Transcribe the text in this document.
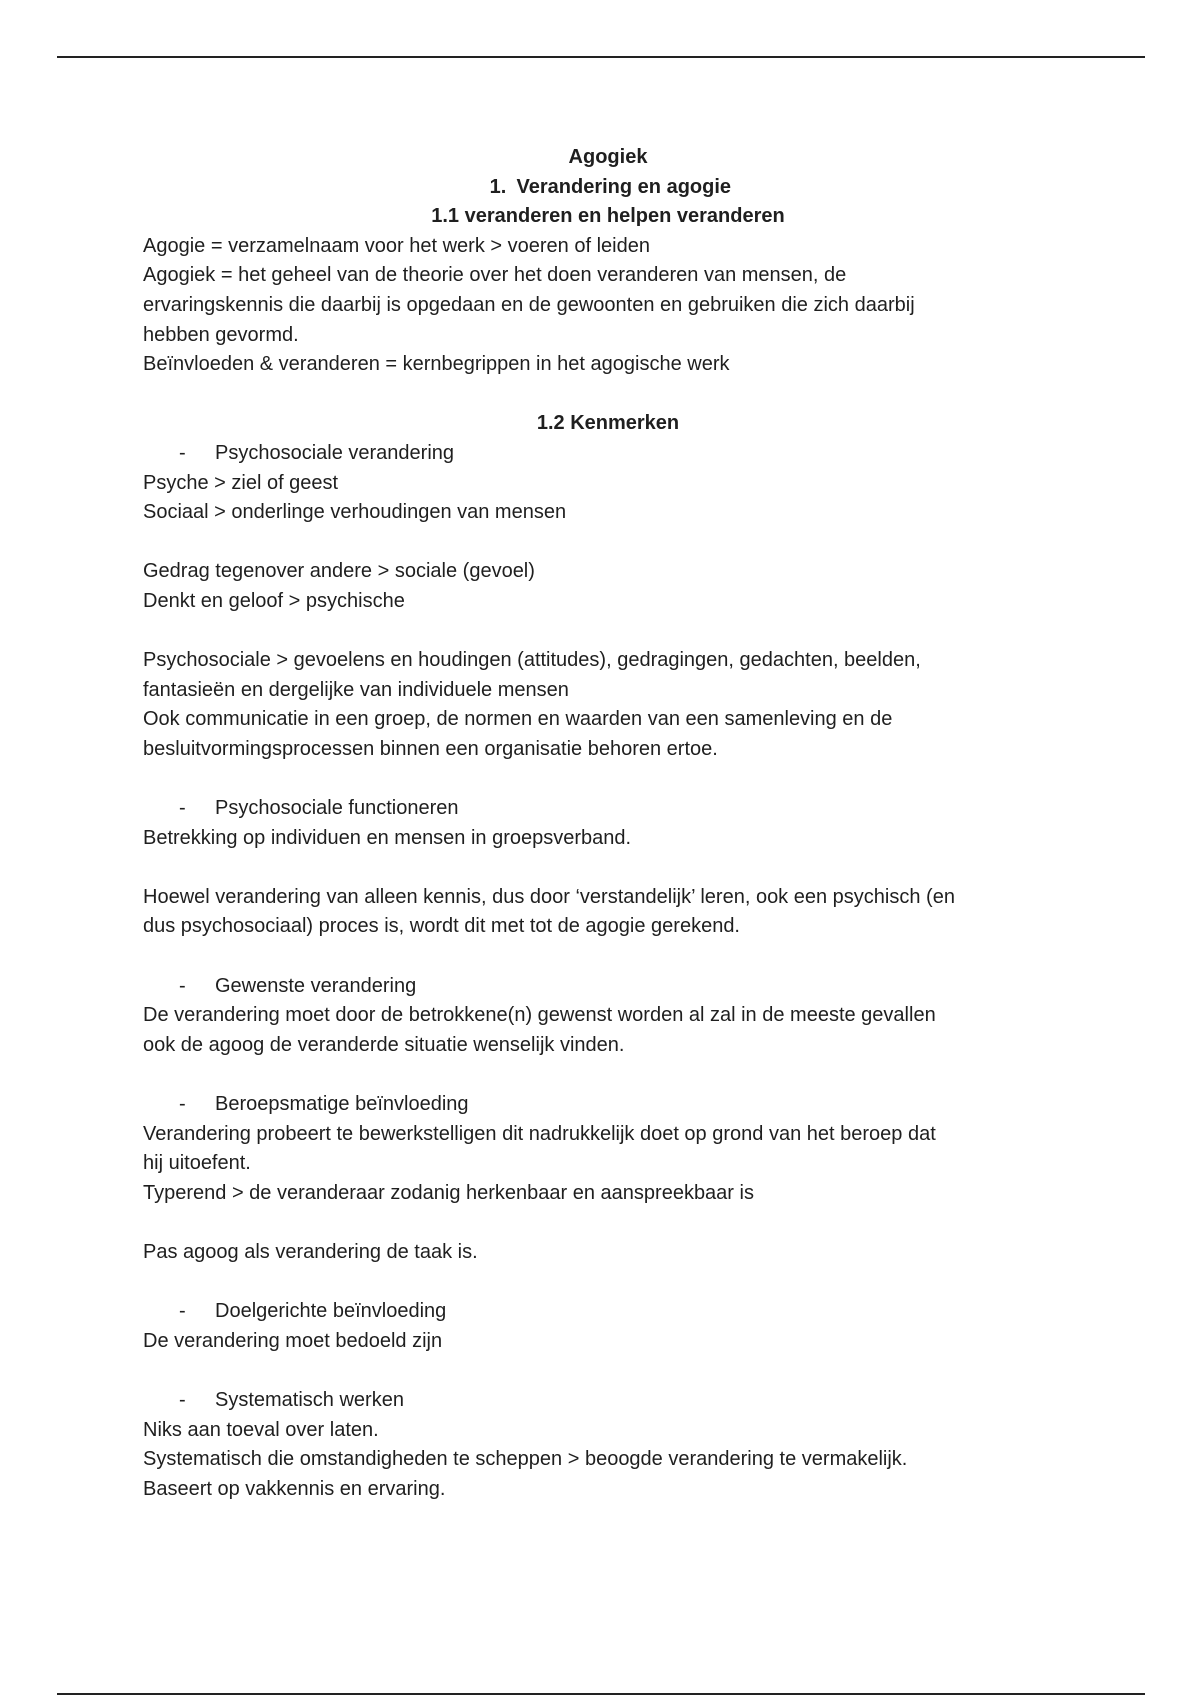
Agogiek

1. Verandering en agogie

1.1 veranderen en helpen veranderen

Agogie = verzamelnaam voor het werk > voeren of leiden

Agogiek = het geheel van de theorie over het doen veranderen van mensen, de

ervaringskennis die daarbij is opgedaan en de gewoonten en gebruiken die zich daarbij

hebben gevormd.

Beïnvloeden & veranderen = kernbegrippen in het agogische werk

1.2 Kenmerken

- Psychosociale verandering

Psyche > ziel of geest

Sociaal > onderlinge verhoudingen van mensen

Gedrag tegenover andere > sociale (gevoel)

Denkt en geloof > psychische

Psychosociale > gevoelens en houdingen (attitudes), gedragingen, gedachten, beelden,

fantasieën en dergelijke van individuele mensen

Ook communicatie in een groep, de normen en waarden van een samenleving en de

besluitvormingsprocessen binnen een organisatie behoren ertoe.

- Psychosociale functioneren

Betrekking op individuen en mensen in groepsverband.

Hoewel verandering van alleen kennis, dus door ‘verstandelijk’ leren, ook een psychisch (en

dus psychosociaal) proces is, wordt dit met tot de agogie gerekend.

- Gewenste verandering

De verandering moet door de betrokkene(n) gewenst worden al zal in de meeste gevallen

ook de agoog de veranderde situatie wenselijk vinden.

- Beroepsmatige beïnvloeding

Verandering probeert te bewerkstelligen dit nadrukkelijk doet op grond van het beroep dat

hij uitoefent.

Typerend > de veranderaar zodanig herkenbaar en aanspreekbaar is

Pas agoog als verandering de taak is.

- Doelgerichte beïnvloeding

De verandering moet bedoeld zijn

- Systematisch werken

Niks aan toeval over laten.

Systematisch die omstandigheden te scheppen > beoogde verandering te vermakelijk.

Baseert op vakkennis en ervaring.
